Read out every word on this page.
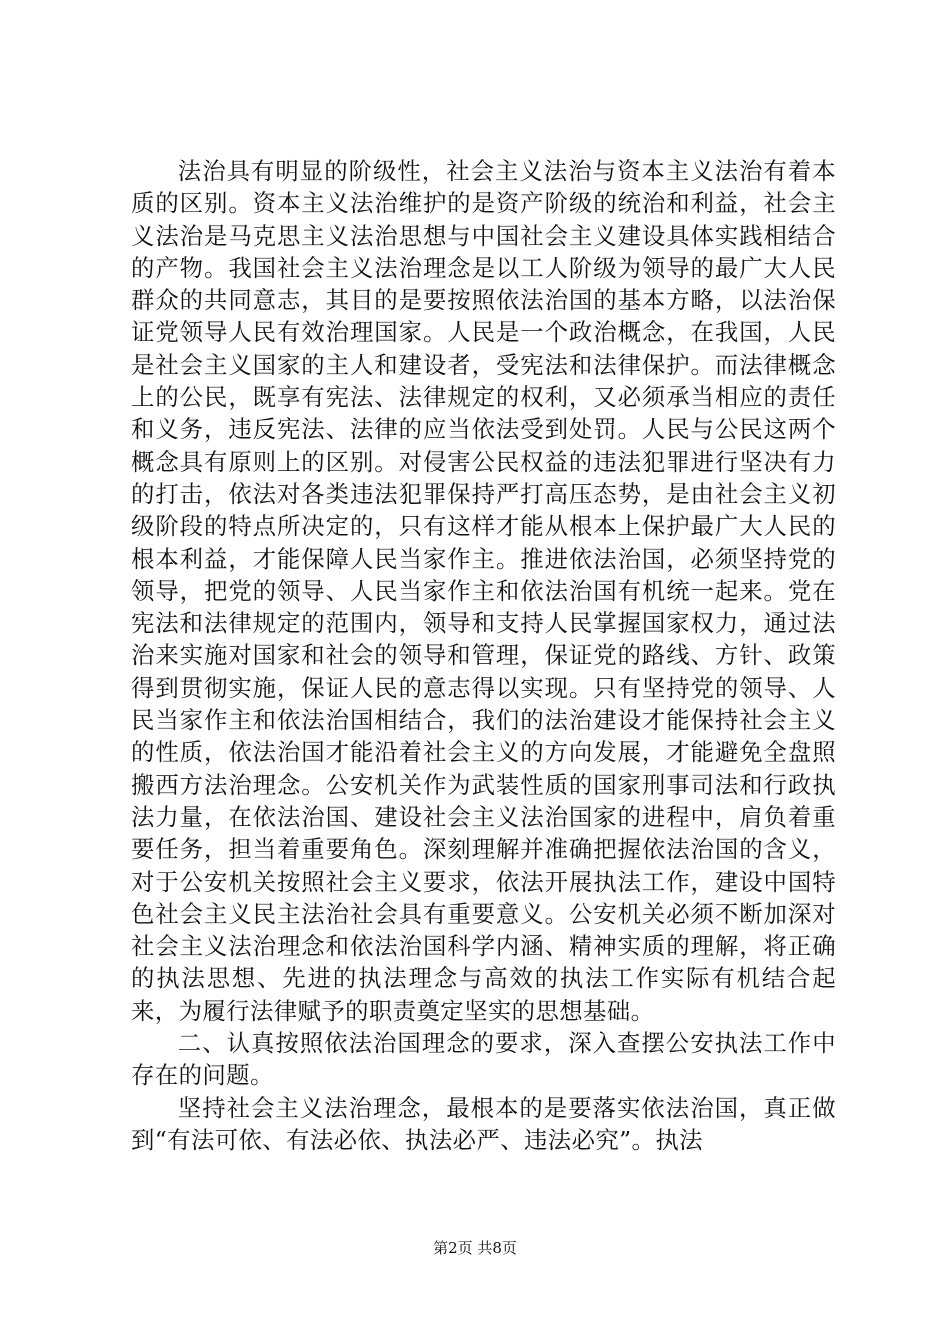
法治具有明显的阶级性，社会主义法治与资本主义法治有着本质的区别。资本主义法治维护的是资产阶级的统治和利益，社会主义法治是马克思主义法治思想与中国社会主义建设具体实践相结合的产物。我国社会主义法治理念是以工人阶级为领导的最广大人民群众的共同意志，其目的是要按照依法治国的基本方略，以法治保证党领导人民有效治理国家。人民是一个政治概念，在我国，人民是社会主义国家的主人和建设者，受宪法和法律保护。而法律概念上的公民，既享有宪法、法律规定的权利，又必须承当相应的责任和义务，违反宪法、法律的应当依法受到处罚。人民与公民这两个概念具有原则上的区别。对侵害公民权益的违法犯罪进行坚决有力的打击，依法对各类违法犯罪保持严打高压态势，是由社会主义初级阶段的特点所决定的，只有这样才能从根本上保护最广大人民的根本利益，才能保障人民当家作主。推进依法治国，必须坚持党的领导，把党的领导、人民当家作主和依法治国有机统一起来。党在宪法和法律规定的范围内，领导和支持人民掌握国家权力，通过法治来实施对国家和社会的领导和管理，保证党的路线、方针、政策得到贯彻实施，保证人民的意志得以实现。只有坚持党的领导、人民当家作主和依法治国相结合，我们的法治建设才能保持社会主义的性质，依法治国才能沿着社会主义的方向发展，才能避免全盘照搬西方法治理念。公安机关作为武装性质的国家刑事司法和行政执法力量，在依法治国、建设社会主义法治国家的进程中，肩负着重要任务，担当着重要角色。深刻理解并准确把握依法治国的含义，对于公安机关按照社会主义要求，依法开展执法工作，建设中国特色社会主义民主法治社会具有重要意义。公安机关必须不断加深对社会主义法治理念和依法治国科学内涵、精神实质的理解，将正确的执法思想、先进的执法理念与高效的执法工作实际有机结合起来，为履行法律赋予的职责奠定坚实的思想基础。

二、认真按照依法治国理念的要求，深入查摆公安执法工作中存在的问题。

坚持社会主义法治理念，最根本的是要落实依法治国，真正做到“有法可依、有法必依、执法必严、违法必究”。执法

第2页 共8页
